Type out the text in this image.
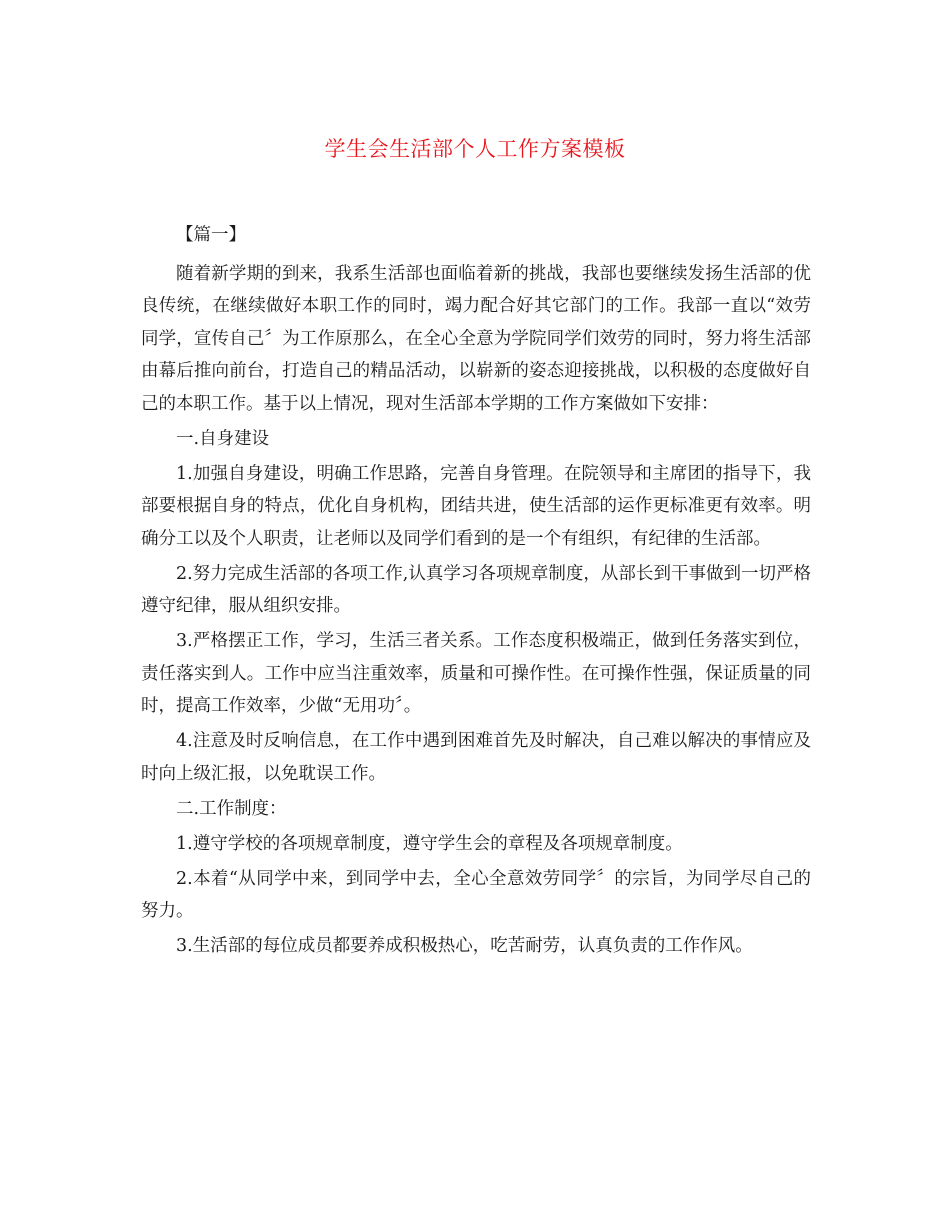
学生会生活部个人工作方案模板

【篇一】

随着新学期的到来，我系生活部也面临着新的挑战，我部也要继续发扬生活部的优良传统，在继续做好本职工作的同时，竭力配合好其它部门的工作。我部一直以“效劳同学，宣传自己〞为工作原那么，在全心全意为学院同学们效劳的同时，努力将生活部由幕后推向前台，打造自己的精品活动，以崭新的姿态迎接挑战，以积极的态度做好自己的本职工作。基于以上情况，现对生活部本学期的工作方案做如下安排：

一.自身建设

1.加强自身建设，明确工作思路，完善自身管理。在院领导和主席团的指导下，我部要根据自身的特点，优化自身机构，团结共进，使生活部的运作更标准更有效率。明确分工以及个人职责，让老师以及同学们看到的是一个有组织，有纪律的生活部。

2.努力完成生活部的各项工作,认真学习各项规章制度，从部长到干事做到一切严格遵守纪律，服从组织安排。

3.严格摆正工作，学习，生活三者关系。工作态度积极端正，做到任务落实到位，责任落实到人。工作中应当注重效率，质量和可操作性。在可操作性强，保证质量的同时，提高工作效率，少做“无用功〞。

4.注意及时反响信息，在工作中遇到困难首先及时解决，自己难以解决的事情应及时向上级汇报，以免耽误工作。

二.工作制度：

1.遵守学校的各项规章制度，遵守学生会的章程及各项规章制度。

2.本着“从同学中来，到同学中去，全心全意效劳同学〞的宗旨，为同学尽自己的努力。

3.生活部的每位成员都要养成积极热心，吃苦耐劳，认真负责的工作作风。
